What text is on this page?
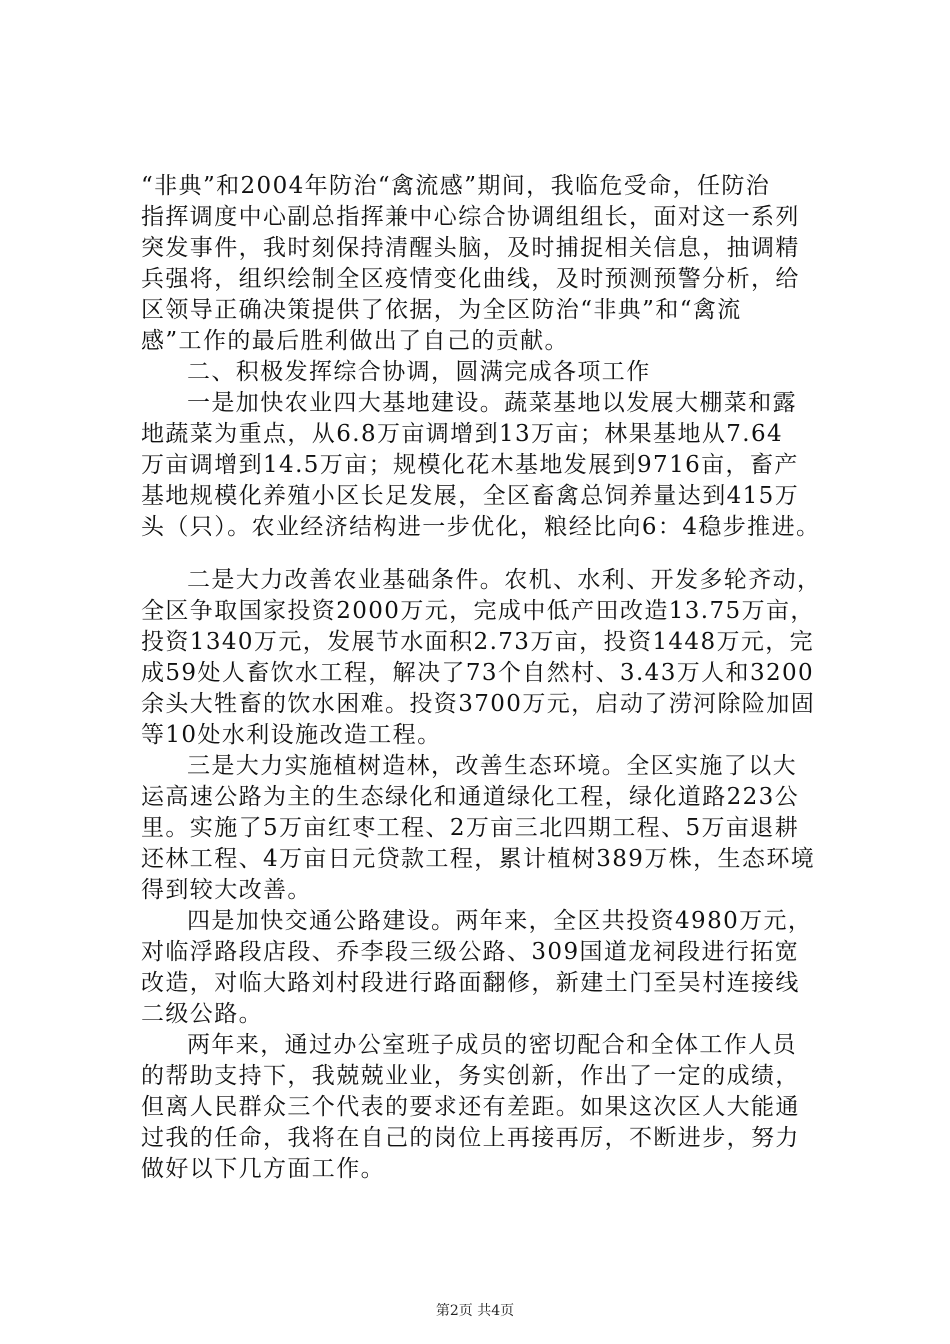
“非典”和2004年防治“禽流感”期间，我临危受命，任防治
指挥调度中心副总指挥兼中心综合协调组组长，面对这一系列
突发事件，我时刻保持清醒头脑，及时捕捉相关信息，抽调精
兵强将，组织绘制全区疫情变化曲线，及时预测预警分析，给
区领导正确决策提供了依据，为全区防治“非典”和“禽流
感”工作的最后胜利做出了自己的贡献。
二、积极发挥综合协调，圆满完成各项工作
一是加快农业四大基地建设。蔬菜基地以发展大棚菜和露
地蔬菜为重点，从6.8万亩调增到13万亩；林果基地从7.64
万亩调增到14.5万亩；规模化花木基地发展到9716亩，畜产
基地规模化养殖小区长足发展，全区畜禽总饲养量达到415万
头（只）。农业经济结构进一步优化，粮经比向6：4稳步推进。
二是大力改善农业基础条件。农机、水利、开发多轮齐动，
全区争取国家投资2000万元，完成中低产田改造13.75万亩，
投资1340万元，发展节水面积2.73万亩，投资1448万元，完
成59处人畜饮水工程，解决了73个自然村、3.43万人和3200
余头大牲畜的饮水困难。投资3700万元，启动了涝河除险加固
等10处水利设施改造工程。
三是大力实施植树造林，改善生态环境。全区实施了以大
运高速公路为主的生态绿化和通道绿化工程，绿化道路223公
里。实施了5万亩红枣工程、2万亩三北四期工程、5万亩退耕
还林工程、4万亩日元贷款工程，累计植树389万株，生态环境
得到较大改善。
四是加快交通公路建设。两年来，全区共投资4980万元，
对临浮路段店段、乔李段三级公路、309国道龙祠段进行拓宽
改造，对临大路刘村段进行路面翻修，新建土门至吴村连接线
二级公路。
两年来，通过办公室班子成员的密切配合和全体工作人员
的帮助支持下，我兢兢业业，务实创新，作出了一定的成绩，
但离人民群众三个代表的要求还有差距。如果这次区人大能通
过我的任命，我将在自己的岗位上再接再厉，不断进步，努力
做好以下几方面工作。
第2页 共4页
